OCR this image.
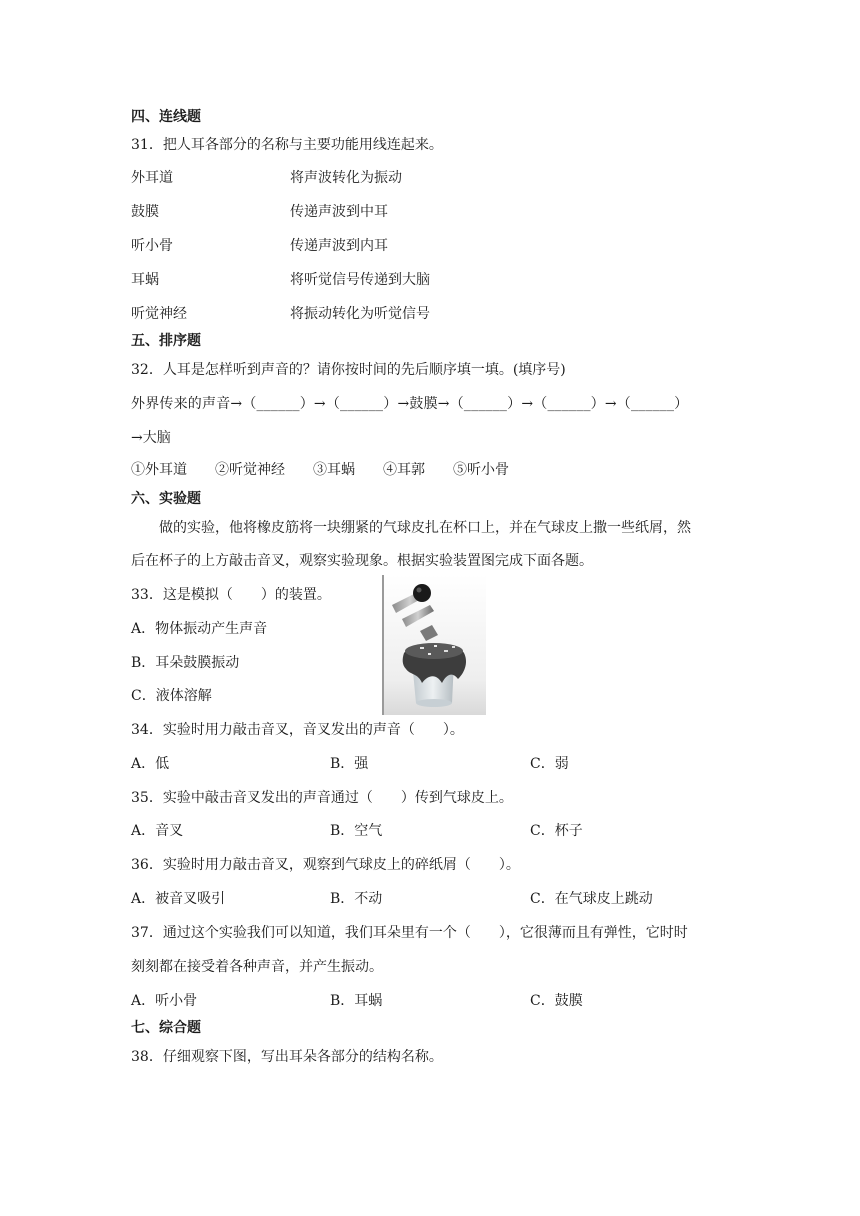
四、连线题
31．把人耳各部分的名称与主要功能用线连起来。
外耳道	将声波转化为振动
鼓膜	传递声波到中耳
听小骨	传递声波到内耳
耳蜗	将听觉信号传递到大脑
听觉神经	将振动转化为听觉信号
五、排序题
32．人耳是怎样听到声音的？请你按时间的先后顺序填一填。(填序号)
外界传来的声音→（______）→（______）→鼓膜→（______）→（______）→（______）
→大脑
①外耳道　　②听觉神经　　③耳蜗　　④耳郭　　⑤听小骨
六、实验题
做的实验，他将橡皮筋将一块绷紧的气球皮扎在杯口上，并在气球皮上撒一些纸屑，然
后在杯子的上方敲击音叉，观察实验现象。根据实验装置图完成下面各题。
33．这是模拟（　　）的装置。
A．物体振动产生声音
B．耳朵鼓膜振动
C．液体溶解
34．实验时用力敲击音叉，音叉发出的声音（　　）。
A．低	B．强	C．弱
35．实验中敲击音叉发出的声音通过（　　）传到气球皮上。
A．音叉	B．空气	C．杯子
36．实验时用力敲击音叉，观察到气球皮上的碎纸屑（　　）。
A．被音叉吸引	B．不动	C．在气球皮上跳动
37．通过这个实验我们可以知道，我们耳朵里有一个（　　），它很薄而且有弹性，它时时
刻刻都在接受着各种声音，并产生振动。
A．听小骨	B．耳蜗	C．鼓膜
七、综合题
38．仔细观察下图，写出耳朵各部分的结构名称。
